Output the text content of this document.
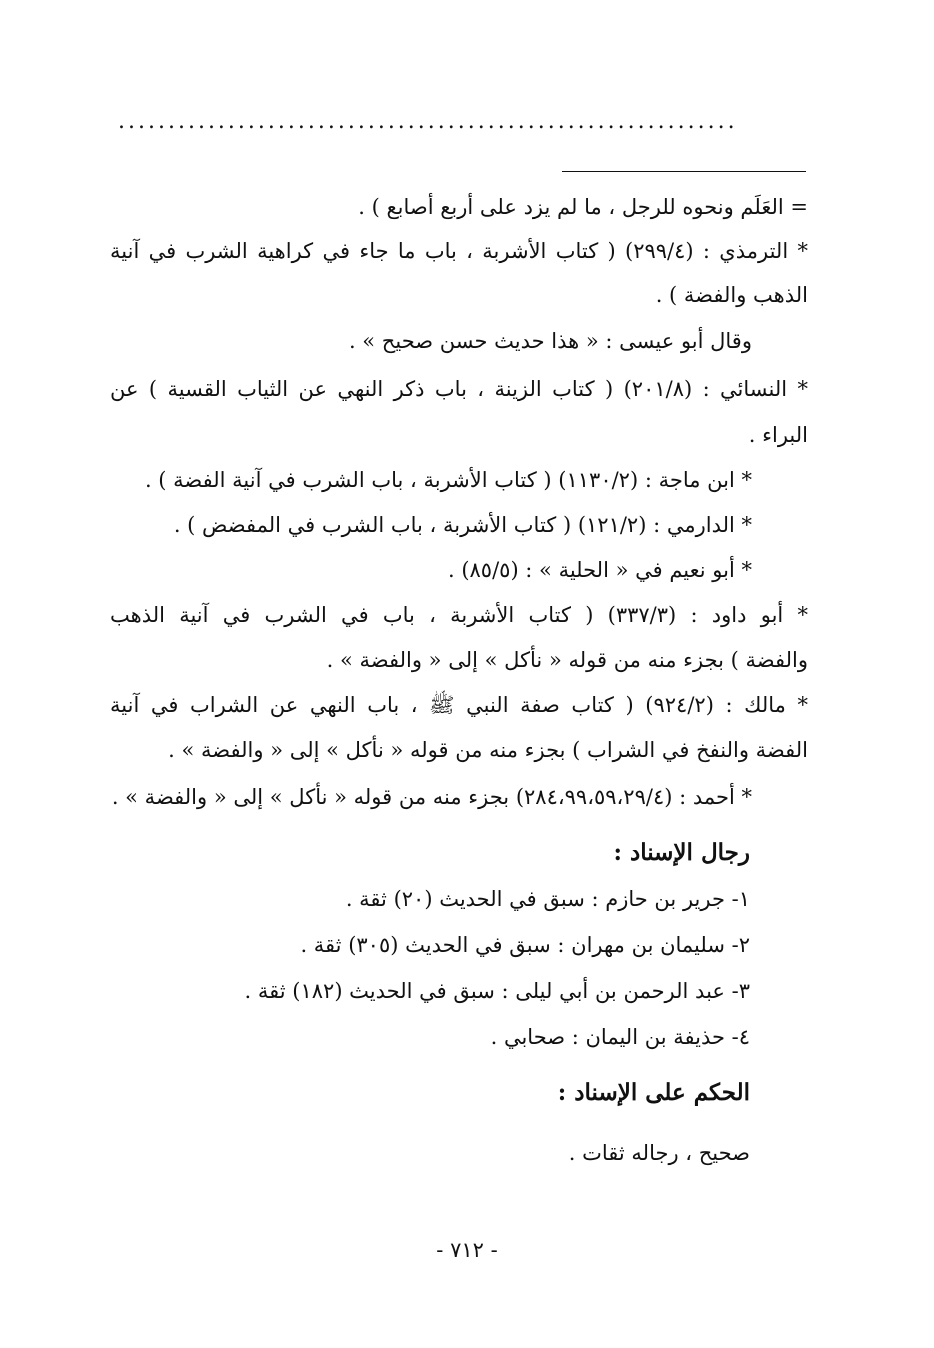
..............................................................
= العَلَم ونحوه للرجل ، ما لم يزد على أربع أصابع ) .
* الترمذي : (٢٩٩/٤) ( كتاب الأشربة ، باب ما جاء في كراهية الشرب في آنية
الذهب والفضة ) .
وقال أبو عيسى : « هذا حديث حسن صحيح » .
* النسائي : (٢٠١/٨) ( كتاب الزينة ، باب ذكر النهي عن الثياب القسية ) عن
البراء .
* ابن ماجة : (١١٣٠/٢) ( كتاب الأشربة ، باب الشرب في آنية الفضة ) .
* الدارمي : (١٢١/٢) ( كتاب الأشربة ، باب الشرب في المفضض ) .
* أبو نعيم في « الحلية » : (٨٥/٥) .
* أبو داود : (٣٣٧/٣) ( كتاب الأشربة ، باب في الشرب في آنية الذهب
والفضة ) بجزء منه من قوله « نأكل » إلى « والفضة » .
* مالك : (٩٢٤/٢) ( كتاب صفة النبي ﷺ ، باب النهي عن الشراب في آنية
الفضة والنفخ في الشراب ) بجزء منه من قوله « نأكل » إلى « والفضة » .
* أحمد : (٢٨٤،٩٩،٥٩،٢٩/٤) بجزء منه من قوله « نأكل » إلى « والفضة » .
رجال الإسناد :
١- جرير بن حازم : سبق في الحديث (٢٠) ثقة .
٢- سليمان بن مهران : سبق في الحديث (٣٠٥) ثقة .
٣- عبد الرحمن بن أبي ليلى : سبق في الحديث (١٨٢) ثقة .
٤- حذيفة بن اليمان : صحابي .
الحكم على الإسناد :
صحيح ، رجاله ثقات .
- ٧١٢ -
